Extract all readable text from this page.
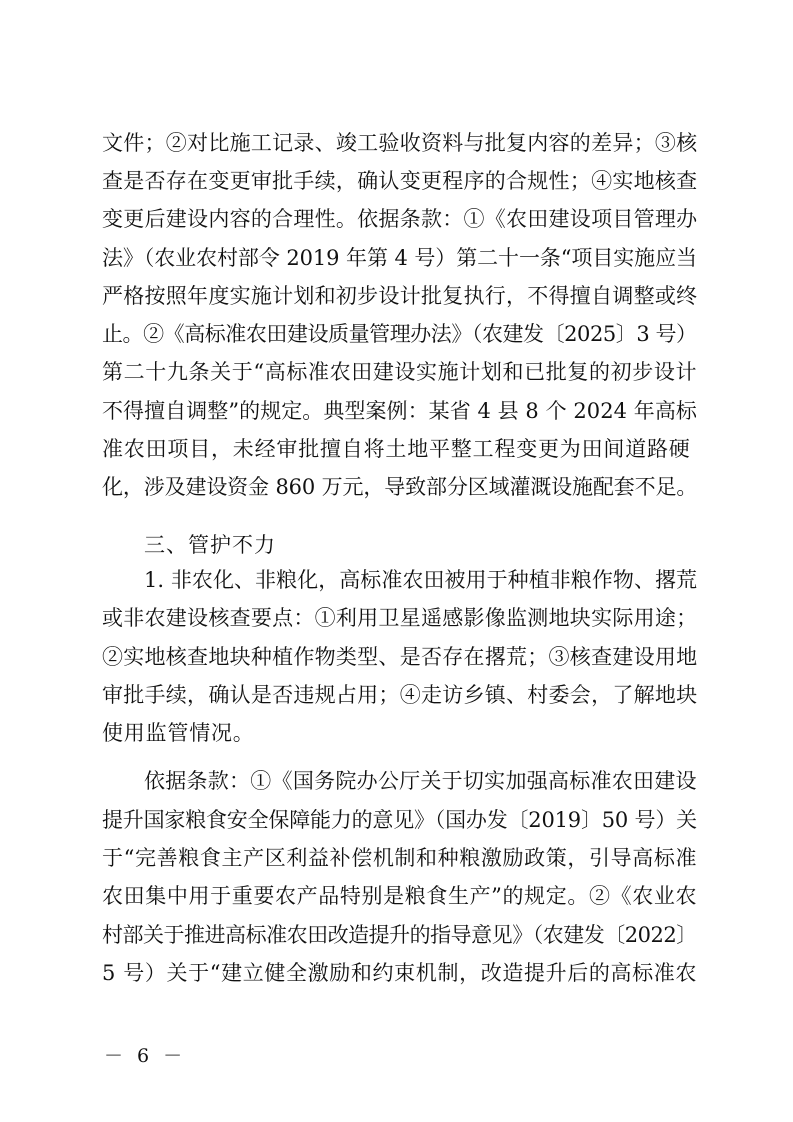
文件；②对比施工记录、竣工验收资料与批复内容的差异；③核
查是否存在变更审批手续，确认变更程序的合规性；④实地核查
变更后建设内容的合理性。依据条款：①《农田建设项目管理办
法》（农业农村部令 2019 年第 4 号）第二十一条“项目实施应当
严格按照年度实施计划和初步设计批复执行，不得擅自调整或终
止。②《高标准农田建设质量管理办法》（农建发〔2025〕3 号）
第二十九条关于“高标准农田建设实施计划和已批复的初步设计
不得擅自调整”的规定。典型案例：某省 4 县 8 个 2024 年高标
准农田项目，未经审批擅自将土地平整工程变更为田间道路硬
化，涉及建设资金 860 万元，导致部分区域灌溉设施配套不足。
三、管护不力
1. 非农化、非粮化，高标准农田被用于种植非粮作物、撂荒
或非农建设核查要点：①利用卫星遥感影像监测地块实际用途；
②实地核查地块种植作物类型、是否存在撂荒；③核查建设用地
审批手续，确认是否违规占用；④走访乡镇、村委会，了解地块
使用监管情况。
依据条款：①《国务院办公厅关于切实加强高标准农田建设
提升国家粮食安全保障能力的意见》（国办发〔2019〕50 号）关
于“完善粮食主产区利益补偿机制和种粮激励政策，引导高标准
农田集中用于重要农产品特别是粮食生产”的规定。②《农业农
村部关于推进高标准农田改造提升的指导意见》（农建发〔2022〕
5 号）关于“建立健全激励和约束机制，改造提升后的高标准农
－ 6 －
